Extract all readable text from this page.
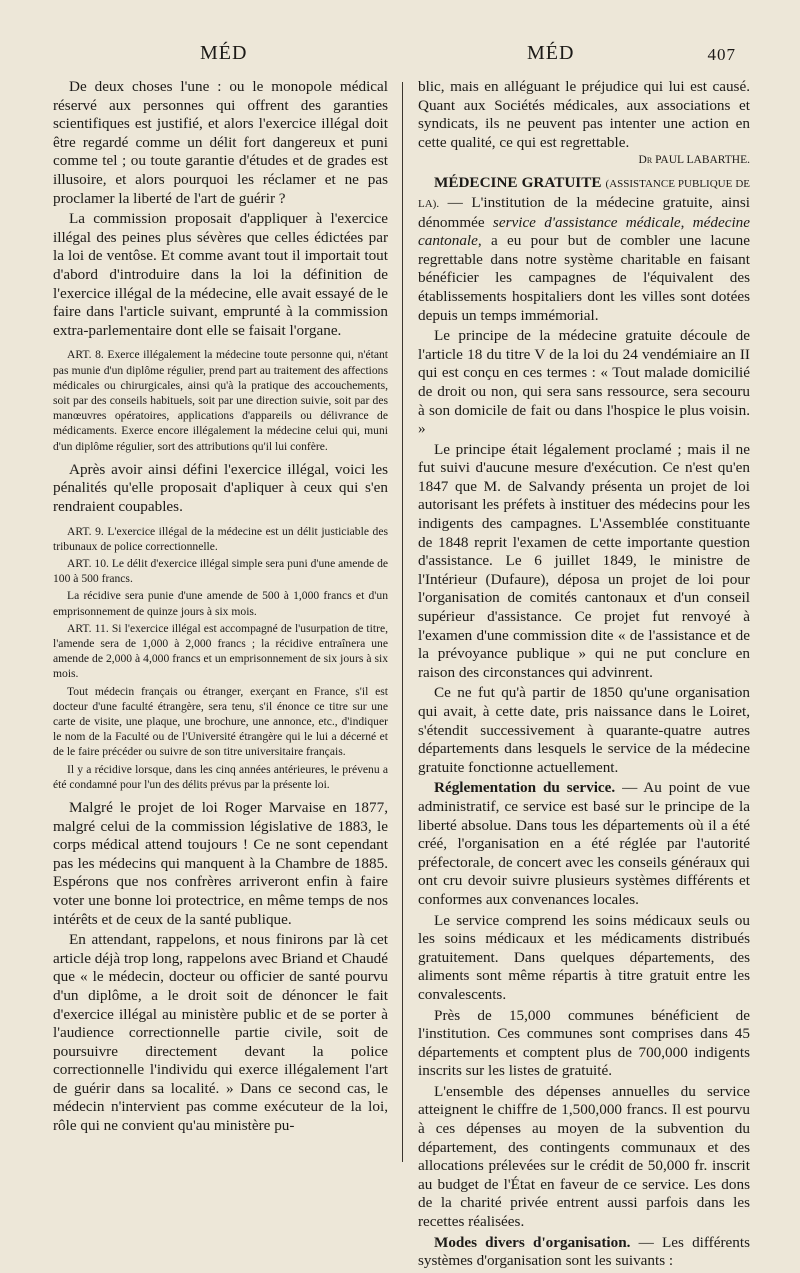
MÉD	MÉD	407

De deux choses l'une : ou le monopole médical réservé aux personnes qui offrent des garanties scientifiques est justifié, et alors l'exercice illégal doit être regardé comme un délit fort dangereux et puni comme tel ; ou toute garantie d'études et de grades est illusoire, et alors pourquoi les réclamer et ne pas proclamer la liberté de l'art de guérir ?

La commission proposait d'appliquer à l'exercice illégal des peines plus sévères que celles édictées par la loi de ventôse. Et comme avant tout il importait tout d'abord d'introduire dans la loi la définition de l'exercice illégal de la médecine, elle avait essayé de le faire dans l'article suivant, emprunté à la commission extra-parlementaire dont elle se faisait l'organe.

ART. 8. Exerce illégalement la médecine toute personne qui, n'étant pas munie d'un diplôme régulier, prend part au traitement des affections médicales ou chirurgicales, ainsi qu'à la pratique des accouchements, soit par des conseils habituels, soit par une direction suivie, soit par des manœuvres opératoires, applications d'appareils ou délivrance de médicaments. Exerce encore illégalement la médecine celui qui, muni d'un diplôme régulier, sort des attributions qu'il lui confère.

Après avoir ainsi défini l'exercice illégal, voici les pénalités qu'elle proposait d'apliquer à ceux qui s'en rendraient coupables.

ART. 9. L'exercice illégal de la médecine est un délit justiciable des tribunaux de police correctionnelle.

ART. 10. Le délit d'exercice illégal simple sera puni d'une amende de 100 à 500 francs.

La récidive sera punie d'une amende de 500 à 1,000 francs et d'un emprisonnement de quinze jours à six mois.

ART. 11. Si l'exercice illégal est accompagné de l'usurpation de titre, l'amende sera de 1,000 à 2,000 francs ; la récidive entraînera une amende de 2,000 à 4,000 francs et un emprisonnement de six jours à six mois.

Tout médecin français ou étranger, exerçant en France, s'il est docteur d'une faculté étrangère, sera tenu, s'il énonce ce titre sur une carte de visite, une plaque, une brochure, une annonce, etc., d'indiquer le nom de la Faculté ou de l'Université étrangère qui le lui a décerné et de le faire précéder ou suivre de son titre universitaire français.

Il y a récidive lorsque, dans les cinq années antérieures, le prévenu a été condamné pour l'un des délits prévus par la présente loi.

Malgré le projet de loi Roger Marvaise en 1877, malgré celui de la commission législative de 1883, le corps médical attend toujours ! Ce ne sont cependant pas les médecins qui manquent à la Chambre de 1885. Espérons que nos confrères arriveront enfin à faire voter une bonne loi protectrice, en même temps de nos intérêts et de ceux de la santé publique.

En attendant, rappelons, et nous finirons par là cet article déjà trop long, rappelons avec Briand et Chaudé que « le médecin, docteur ou officier de santé pourvu d'un diplôme, a le droit soit de dénoncer le fait d'exercice illégal au ministère public et de se porter à l'audience correctionnelle partie civile, soit de poursuivre directement devant la police correctionnelle l'individu qui exerce illégalement l'art de guérir dans sa localité. » Dans ce second cas, le médecin n'intervient pas comme exécuteur de la loi, rôle qui ne convient qu'au ministère pu-

blic, mais en alléguant le préjudice qui lui est causé. Quant aux Sociétés médicales, aux associations et syndicats, ils ne peuvent pas intenter une action en cette qualité, ce qui est regrettable.

Dr PAUL LABARTHE.

MÉDECINE GRATUITE (ASSISTANCE PUBLIQUE DE LA). — L'institution de la médecine gratuite, ainsi dénommée service d'assistance médicale, médecine cantonale, a eu pour but de combler une lacune regrettable dans notre système charitable en faisant bénéficier les campagnes de l'équivalent des établissements hospitaliers dont les villes sont dotées depuis un temps immémorial.

Le principe de la médecine gratuite découle de l'article 18 du titre V de la loi du 24 vendémiaire an II qui est conçu en ces termes : « Tout malade domicilié de droit ou non, qui sera sans ressource, sera secouru à son domicile de fait ou dans l'hospice le plus voisin. »

Le principe était légalement proclamé ; mais il ne fut suivi d'aucune mesure d'exécution. Ce n'est qu'en 1847 que M. de Salvandy présenta un projet de loi autorisant les préfets à instituer des médecins pour les indigents des campagnes. L'Assemblée constituante de 1848 reprit l'examen de cette importante question d'assistance. Le 6 juillet 1849, le ministre de l'Intérieur (Dufaure), déposa un projet de loi pour l'organisation de comités cantonaux et d'un conseil supérieur d'assistance. Ce projet fut renvoyé à l'examen d'une commission dite « de l'assistance et de la prévoyance publique » qui ne put conclure en raison des circonstances qui advinrent.

Ce ne fut qu'à partir de 1850 qu'une organisation qui avait, à cette date, pris naissance dans le Loiret, s'étendit successivement à quarante-quatre autres départements dans lesquels le service de la médecine gratuite fonctionne actuellement.

Réglementation du service. — Au point de vue administratif, ce service est basé sur le principe de la liberté absolue. Dans tous les départements où il a été créé, l'organisation en a été réglée par l'autorité préfectorale, de concert avec les conseils généraux qui ont cru devoir suivre plusieurs systèmes différents et conformes aux convenances locales.

Le service comprend les soins médicaux seuls ou les soins médicaux et les médicaments distribués gratuitement. Dans quelques départements, des aliments sont même répartis à titre gratuit entre les convalescents.

Près de 15,000 communes bénéficient de l'institution. Ces communes sont comprises dans 45 départements et comptent plus de 700,000 indigents inscrits sur les listes de gratuité.

L'ensemble des dépenses annuelles du service atteignent le chiffre de 1,500,000 francs. Il est pourvu à ces dépenses au moyen de la subvention du département, des contingents communaux et des allocations prélevées sur le crédit de 50,000 fr. inscrit au budget de l'État en faveur de ce service. Les dons de la charité privée entrent aussi parfois dans les recettes réalisées.

Modes divers d'organisation. — Les différents systèmes d'organisation sont les suivants :
